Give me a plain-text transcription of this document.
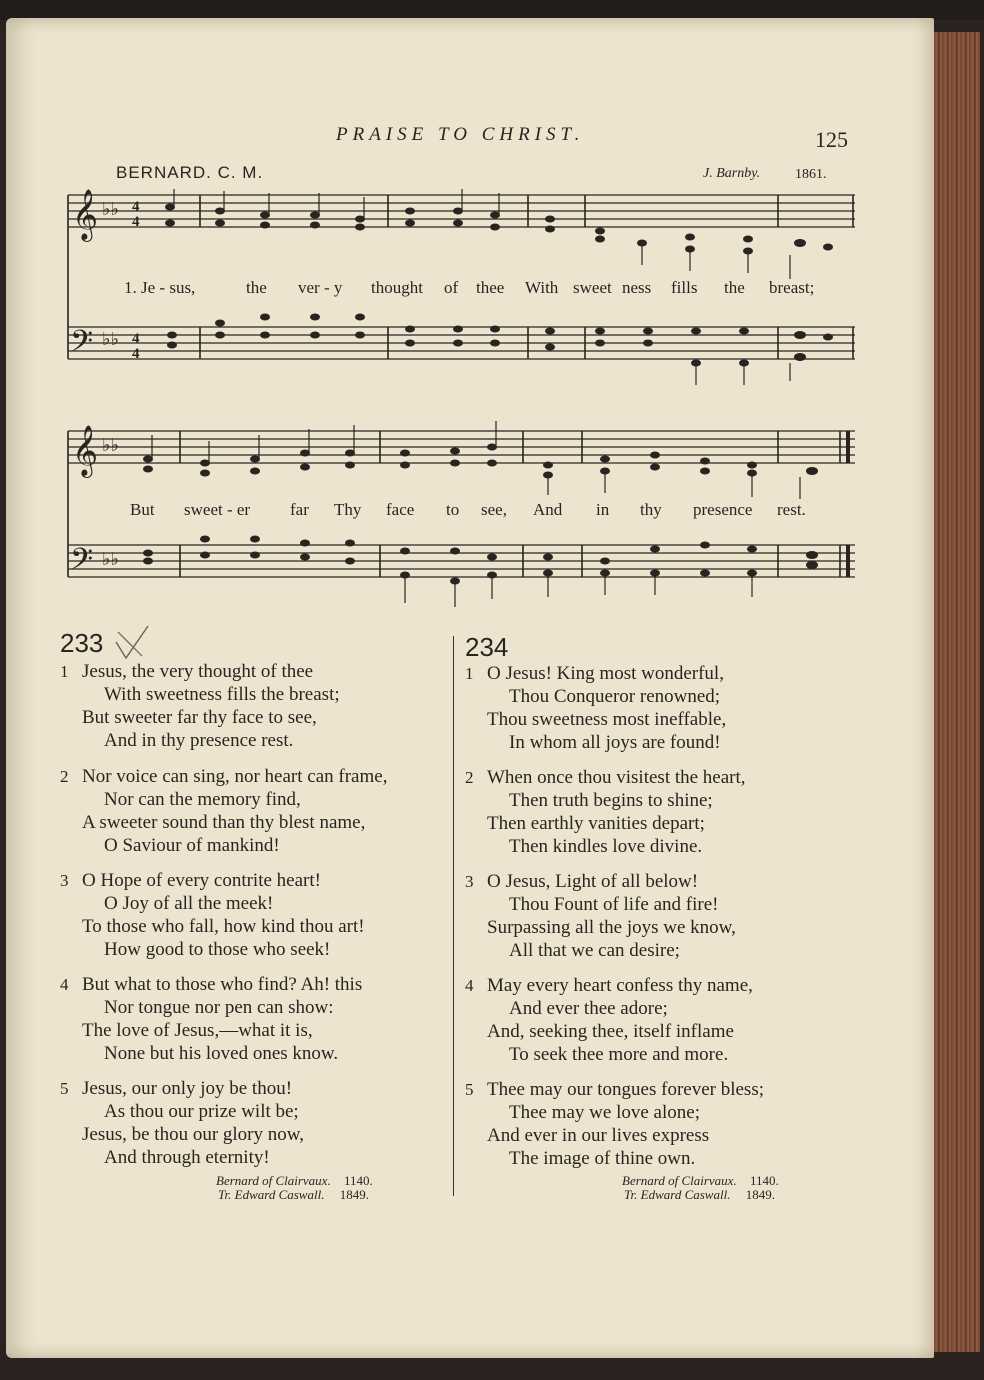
PRAISE TO CHRIST.	125
BERNARD. C. M.	J. Barnby. 1861.
𝄞
𝄢
♭♭
♭♭
4
4
4
4
1. Je - sus,	the ver - y thought of thee With sweet ness fills the breast;
𝄞
𝄢
♭♭
♭♭
But sweet - er far Thy face to see, And in thy presence rest.
233
1 Jesus, the very thought of thee
With sweetness fills the breast;
But sweeter far thy face to see,
And in thy presence rest.
2 Nor voice can sing, nor heart can frame,
Nor can the memory find,
A sweeter sound than thy blest name,
O Saviour of mankind!
3 O Hope of every contrite heart!
O Joy of all the meek!
To those who fall, how kind thou art!
How good to those who seek!
4 But what to those who find? Ah! this
Nor tongue nor pen can show:
The love of Jesus,—what it is,
None but his loved ones know.
5 Jesus, our only joy be thou!
As thou our prize wilt be;
Jesus, be thou our glory now,
And through eternity!
Bernard of Clairvaux. 1140.
Tr. Edward Caswall. 1849.
234
1 O Jesus! King most wonderful,
Thou Conqueror renowned;
Thou sweetness most ineffable,
In whom all joys are found!
2 When once thou visitest the heart,
Then truth begins to shine;
Then earthly vanities depart;
Then kindles love divine.
3 O Jesus, Light of all below!
Thou Fount of life and fire!
Surpassing all the joys we know,
All that we can desire;
4 May every heart confess thy name,
And ever thee adore;
And, seeking thee, itself inflame
To seek thee more and more.
5 Thee may our tongues forever bless;
Thee may we love alone;
And ever in our lives express
The image of thine own.
Bernard of Clairvaux. 1140.
Tr. Edward Caswall. 1849.
